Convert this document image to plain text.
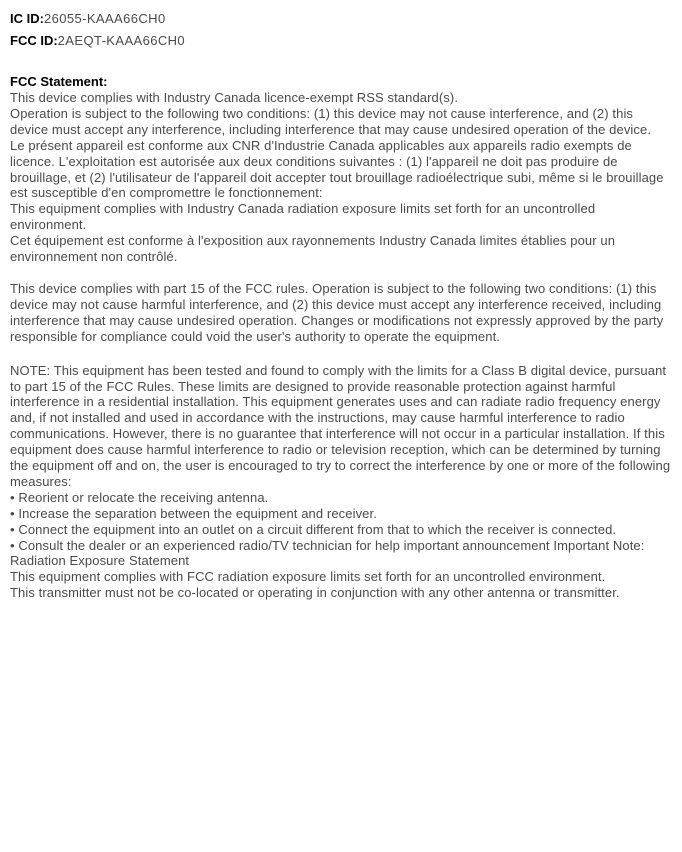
IC ID:26055-KAAA66CH0
FCC ID:2AEQT-KAAA66CH0
FCC Statement:

This device complies with Industry Canada licence-exempt RSS standard(s).

Operation is subject to the following two conditions: (1) this device may not cause interference, and (2) this device must accept any interference, including interference that may cause undesired operation of the device.

Le présent appareil est conforme aux CNR d'Industrie Canada applicables aux appareils radio exempts de licence. L'exploitation est autorisée aux deux conditions suivantes : (1) l'appareil ne doit pas produire de brouillage, et (2) l'utilisateur de l'appareil doit accepter tout brouillage radioélectrique subi, même si le brouillage est susceptible d'en compromettre le fonctionnement:

This equipment complies with Industry Canada radiation exposure limits set forth for an uncontrolled environment.

Cet équipement est conforme à l'exposition aux rayonnements Industry Canada limites établies pour un environnement non contrôlé.

This device complies with part 15 of the FCC rules. Operation is subject to the following two conditions: (1) this device may not cause harmful interference, and (2) this device must accept any interference received, including interference that may cause undesired operation. Changes or modifications not expressly approved by the party responsible for compliance could void the user's authority to operate the equipment.

NOTE: This equipment has been tested and found to comply with the limits for a Class B digital device, pursuant to part 15 of the FCC Rules. These limits are designed to provide reasonable protection against harmful interference in a residential installation. This equipment generates uses and can radiate radio frequency energy and, if not installed and used in accordance with the instructions, may cause harmful interference to radio communications. However, there is no guarantee that interference will not occur in a particular installation. If this equipment does cause harmful interference to radio or television reception, which can be determined by turning the equipment off and on, the user is encouraged to try to correct the interference by one or more of the following measures:

• Reorient or relocate the receiving antenna.

• Increase the separation between the equipment and receiver.

• Connect the equipment into an outlet on a circuit different from that to which the receiver is connected.

• Consult the dealer or an experienced radio/TV technician for help important announcement Important Note: Radiation Exposure Statement

This equipment complies with FCC radiation exposure limits set forth for an uncontrolled environment.

This transmitter must not be co-located or operating in conjunction with any other antenna or transmitter.
